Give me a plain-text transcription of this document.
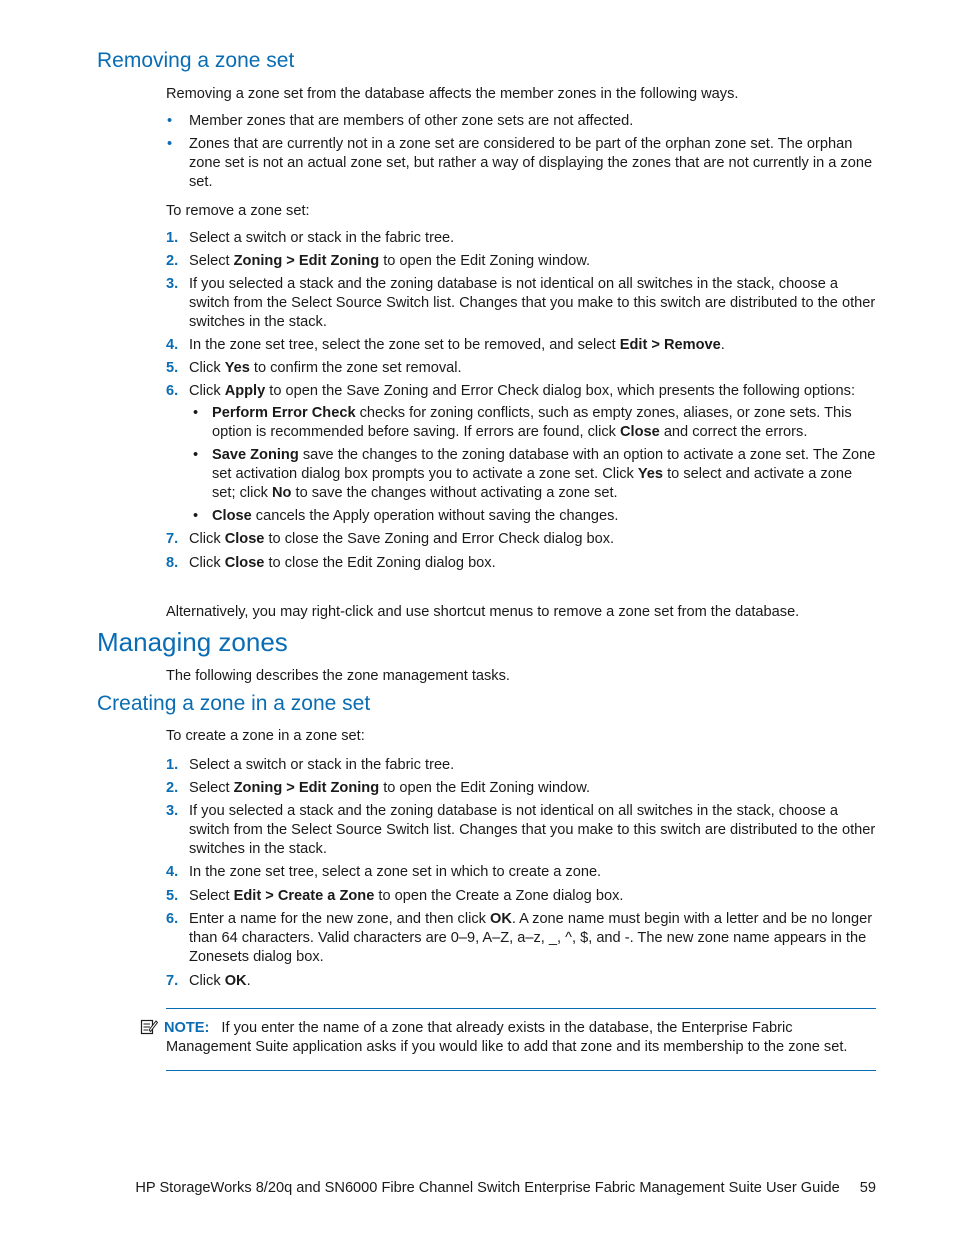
Removing a zone set

Removing a zone set from the database affects the member zones in the following ways.

• Member zones that are members of other zone sets are not affected.
• Zones that are currently not in a zone set are considered to be part of the orphan zone set. The orphan zone set is not an actual zone set, but rather a way of displaying the zones that are not currently in a zone set.

To remove a zone set:

1. Select a switch or stack in the fabric tree.
2. Select Zoning > Edit Zoning to open the Edit Zoning window.
3. If you selected a stack and the zoning database is not identical on all switches in the stack, choose a switch from the Select Source Switch list. Changes that you make to this switch are distributed to the other switches in the stack.
4. In the zone set tree, select the zone set to be removed, and select Edit > Remove.
5. Click Yes to confirm the zone set removal.
6. Click Apply to open the Save Zoning and Error Check dialog box, which presents the following options:
• Perform Error Check checks for zoning conflicts, such as empty zones, aliases, or zone sets. This option is recommended before saving. If errors are found, click Close and correct the errors.
• Save Zoning save the changes to the zoning database with an option to activate a zone set. The Zone set activation dialog box prompts you to activate a zone set. Click Yes to select and activate a zone set; click No to save the changes without activating a zone set.
• Close cancels the Apply operation without saving the changes.
7. Click Close to close the Save Zoning and Error Check dialog box.
8. Click Close to close the Edit Zoning dialog box.

Alternatively, you may right-click and use shortcut menus to remove a zone set from the database.

Managing zones

The following describes the zone management tasks.

Creating a zone in a zone set

To create a zone in a zone set:

1. Select a switch or stack in the fabric tree.
2. Select Zoning > Edit Zoning to open the Edit Zoning window.
3. If you selected a stack and the zoning database is not identical on all switches in the stack, choose a switch from the Select Source Switch list. Changes that you make to this switch are distributed to the other switches in the stack.
4. In the zone set tree, select a zone set in which to create a zone.
5. Select Edit > Create a Zone to open the Create a Zone dialog box.
6. Enter a name for the new zone, and then click OK. A zone name must begin with a letter and be no longer than 64 characters. Valid characters are 0–9, A–Z, a–z, _, ^, $, and -. The new zone name appears in the Zonesets dialog box.
7. Click OK.

NOTE: If you enter the name of a zone that already exists in the database, the Enterprise Fabric
Management Suite application asks if you would like to add that zone and its membership to the zone set.

HP StorageWorks 8/20q and SN6000 Fibre Channel Switch Enterprise Fabric Management Suite User Guide 59
